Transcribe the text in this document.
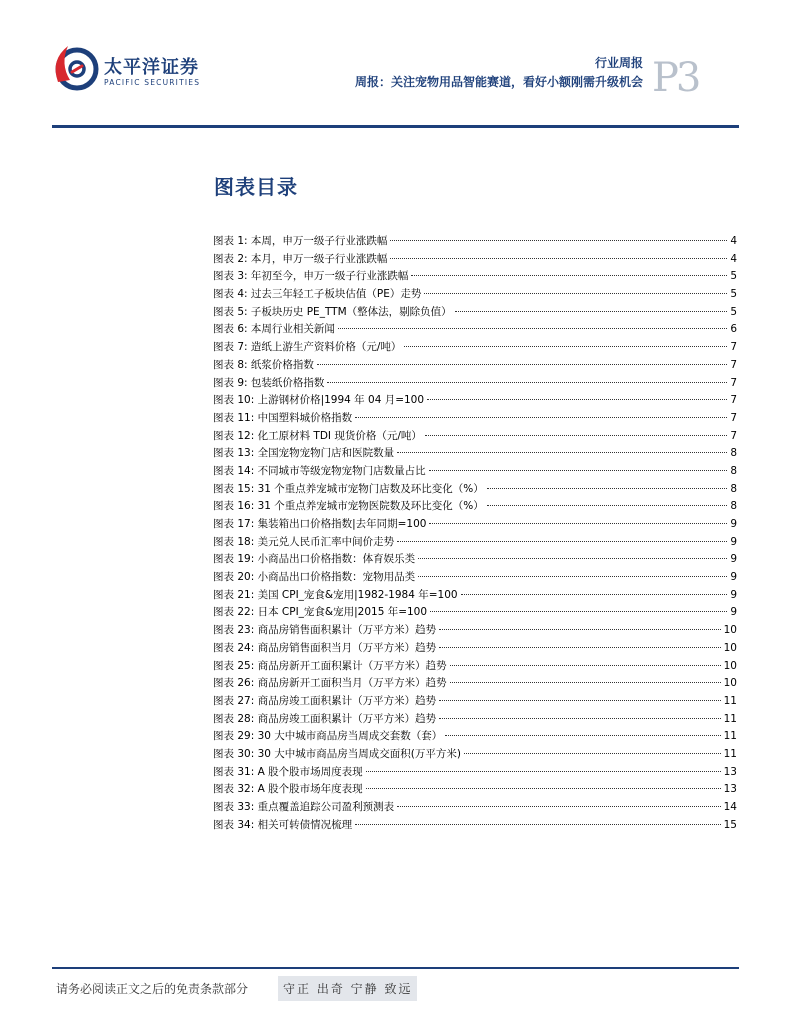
太平洋证券
PACIFIC SECURITIES
行业周报
周报：关注宠物用品智能赛道，看好小额刚需升级机会 P3
图表目录
图表 1: 本周，申万一级子行业涨跌幅	4
图表 2: 本月，申万一级子行业涨跌幅	4
图表 3: 年初至今，申万一级子行业涨跌幅	5
图表 4: 过去三年轻工子板块估值（PE）走势	5
图表 5: 子板块历史 PE_TTM（整体法，剔除负值）	5
图表 6: 本周行业相关新闻	6
图表 7: 造纸上游生产资料价格（元/吨）	7
图表 8: 纸浆价格指数	7
图表 9: 包装纸价格指数	7
图表 10: 上游钢材价格|1994 年 04 月=100	7
图表 11: 中国塑料城价格指数	7
图表 12: 化工原材料 TDI 现货价格（元/吨）	7
图表 13: 全国宠物宠物门店和医院数量	8
图表 14: 不同城市等级宠物宠物门店数量占比	8
图表 15: 31 个重点养宠城市宠物门店数及环比变化（%）	8
图表 16: 31 个重点养宠城市宠物医院数及环比变化（%）	8
图表 17: 集装箱出口价格指数|去年同期=100	9
图表 18: 美元兑人民币汇率中间价走势	9
图表 19: 小商品出口价格指数：体育娱乐类	9
图表 20: 小商品出口价格指数：宠物用品类	9
图表 21: 美国 CPI_宠食&宠用|1982-1984 年=100	9
图表 22: 日本 CPI_宠食&宠用|2015 年=100	9
图表 23: 商品房销售面积累计（万平方米）趋势	10
图表 24: 商品房销售面积当月（万平方米）趋势	10
图表 25: 商品房新开工面积累计（万平方米）趋势	10
图表 26: 商品房新开工面积当月（万平方米）趋势	10
图表 27: 商品房竣工面积累计（万平方米）趋势	11
图表 28: 商品房竣工面积累计（万平方米）趋势	11
图表 29: 30 大中城市商品房当周成交套数（套）	11
图表 30: 30 大中城市商品房当周成交面积(万平方米)	11
图表 31: A 股个股市场周度表现	13
图表 32: A 股个股市场年度表现	13
图表 33: 重点覆盖追踪公司盈利预测表	14
图表 34: 相关可转债情况梳理	15
请务必阅读正文之后的免责条款部分	守正 出奇 宁静 致远
